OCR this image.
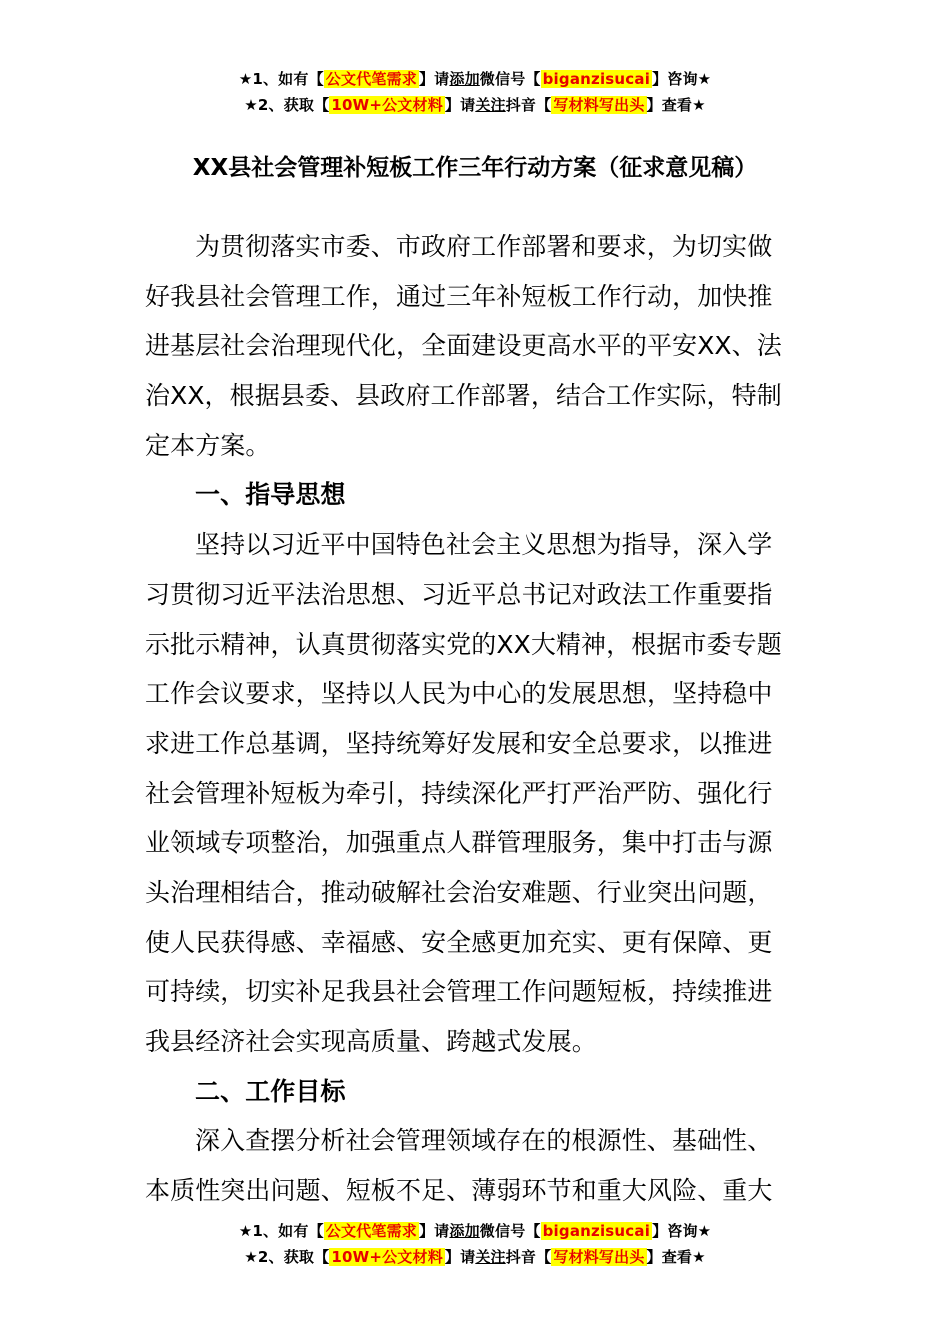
★1、如有【 公文代笔需求 】请添加微信号【 biganzisucai 】咨询★
★2、获取【 10W+公文材料 】请关注抖音【 写材料写出头 】查看★
XX县社会管理补短板工作三年行动方案（征求意见稿）
为贯彻落实市委、市政府工作部署和要求，为切实做
好我县社会管理工作，通过三年补短板工作行动，加快推
进基层社会治理现代化，全面建设更高水平的平安XX、法
治XX，根据县委、县政府工作部署，结合工作实际，特制
定本方案。
一、指导思想
坚持以习近平中国特色社会主义思想为指导，深入学
习贯彻习近平法治思想、习近平总书记对政法工作重要指
示批示精神，认真贯彻落实党的XX大精神，根据市委专题
工作会议要求，坚持以人民为中心的发展思想，坚持稳中
求进工作总基调，坚持统筹好发展和安全总要求，以推进
社会管理补短板为牵引，持续深化严打严治严防、强化行
业领域专项整治，加强重点人群管理服务，集中打击与源
头治理相结合，推动破解社会治安难题、行业突出问题，
使人民获得感、幸福感、安全感更加充实、更有保障、更
可持续，切实补足我县社会管理工作问题短板，持续推进
我县经济社会实现高质量、跨越式发展。
二、工作目标
深入查摆分析社会管理领域存在的根源性、基础性、
本质性突出问题、短板不足、薄弱环节和重大风险、重大
★1、如有【 公文代笔需求 】请添加微信号【 biganzisucai 】咨询★
★2、获取【 10W+公文材料 】请关注抖音【 写材料写出头 】查看★
